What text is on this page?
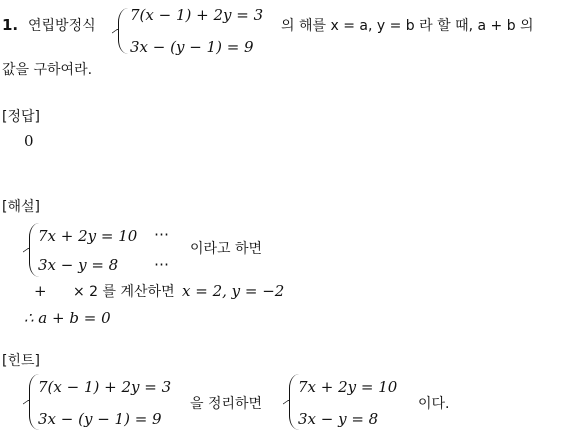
1. 연립방정식
7(x − 1) + 2y = 3
3x − (y − 1) = 9
의 해를 x = a, y = b 라 할 때, a + b 의
값을 구하여라.
[정답]
0
[해설]
7x + 2y = 10 ⋯
3x − y = 8 ⋯
이라고 하면
+ × 2 를 계산하면 x = 2, y = −2
∴ a + b = 0
[힌트]
7(x − 1) + 2y = 3
3x − (y − 1) = 9
을 정리하면
7x + 2y = 10
3x − y = 8
이다.
